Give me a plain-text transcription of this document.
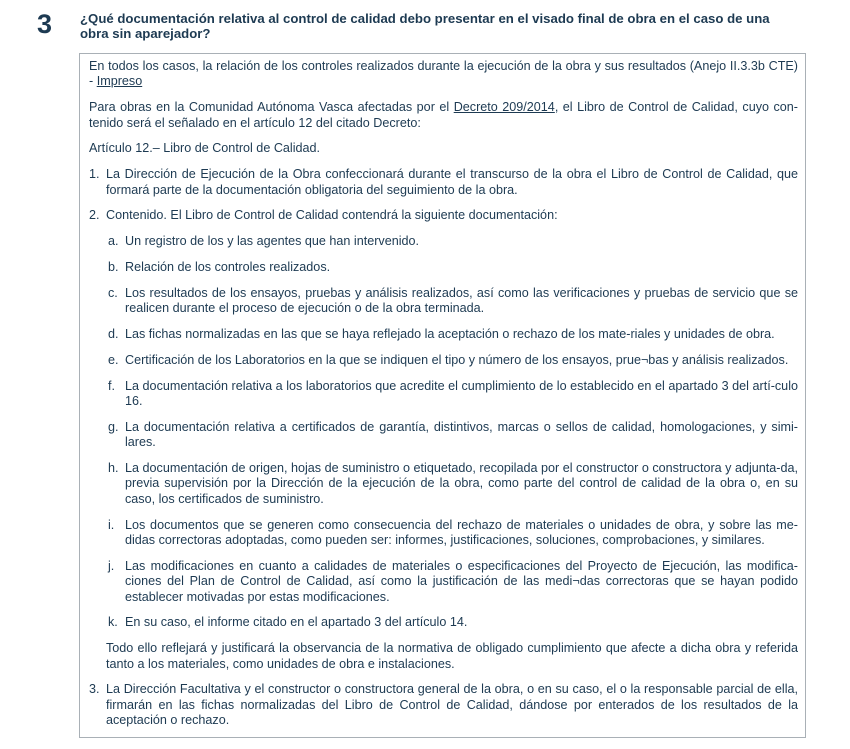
3 ¿Qué documentación relativa al control de calidad debo presentar en el visado final de obra en el caso de una obra sin aparejador?

En todos los casos, la relación de los controles realizados durante la ejecución de la obra y sus resultados (Anejo II.3.3b CTE) - Impreso

Para obras en la Comunidad Autónoma Vasca afectadas por el Decreto 209/2014, el Libro de Control de Calidad, cuyo con-tenido será el señalado en el artículo 12 del citado Decreto:

Artículo 12.– Libro de Control de Calidad.

1. La Dirección de Ejecución de la Obra confeccionará durante el transcurso de la obra el Libro de Control de Calidad, que formará parte de la documentación obligatoria del seguimiento de la obra.
2. Contenido. El Libro de Control de Calidad contendrá la siguiente documentación:
a. Un registro de los y las agentes que han intervenido.
b. Relación de los controles realizados.
c. Los resultados de los ensayos, pruebas y análisis realizados, así como las verificaciones y pruebas de servicio que se realicen durante el proceso de ejecución o de la obra terminada.
d. Las fichas normalizadas en las que se haya reflejado la aceptación o rechazo de los mate-riales y unidades de obra.
e. Certificación de los Laboratorios en la que se indiquen el tipo y número de los ensayos, prue¬bas y análisis realizados.
f. La documentación relativa a los laboratorios que acredite el cumplimiento de lo establecido en el apartado 3 del artí-culo 16.
g. La documentación relativa a certificados de garantía, distintivos, marcas o sellos de calidad, homologaciones, y simi-lares.
h. La documentación de origen, hojas de suministro o etiquetado, recopilada por el constructor o constructora y adjunta-da, previa supervisión por la Dirección de la ejecución de la obra, como parte del control de calidad de la obra o, en su caso, los certificados de suministro.
i. Los documentos que se generen como consecuencia del rechazo de materiales o unidades de obra, y sobre las me-didas correctoras adoptadas, como pueden ser: informes, justificaciones, soluciones, comprobaciones, y similares.
j. Las modificaciones en cuanto a calidades de materiales o especificaciones del Proyecto de Ejecución, las modifica-ciones del Plan de Control de Calidad, así como la justificación de las medi¬das correctoras que se hayan podido establecer motivadas por estas modificaciones.
k. En su caso, el informe citado en el apartado 3 del artículo 14.

Todo ello reflejará y justificará la observancia de la normativa de obligado cumplimiento que afecte a dicha obra y referida tanto a los materiales, como unidades de obra e instalaciones.

3. La Dirección Facultativa y el constructor o constructora general de la obra, o en su caso, el o la responsable parcial de ella, firmarán en las fichas normalizadas del Libro de Control de Calidad, dándose por enterados de los resultados de la aceptación o rechazo.
